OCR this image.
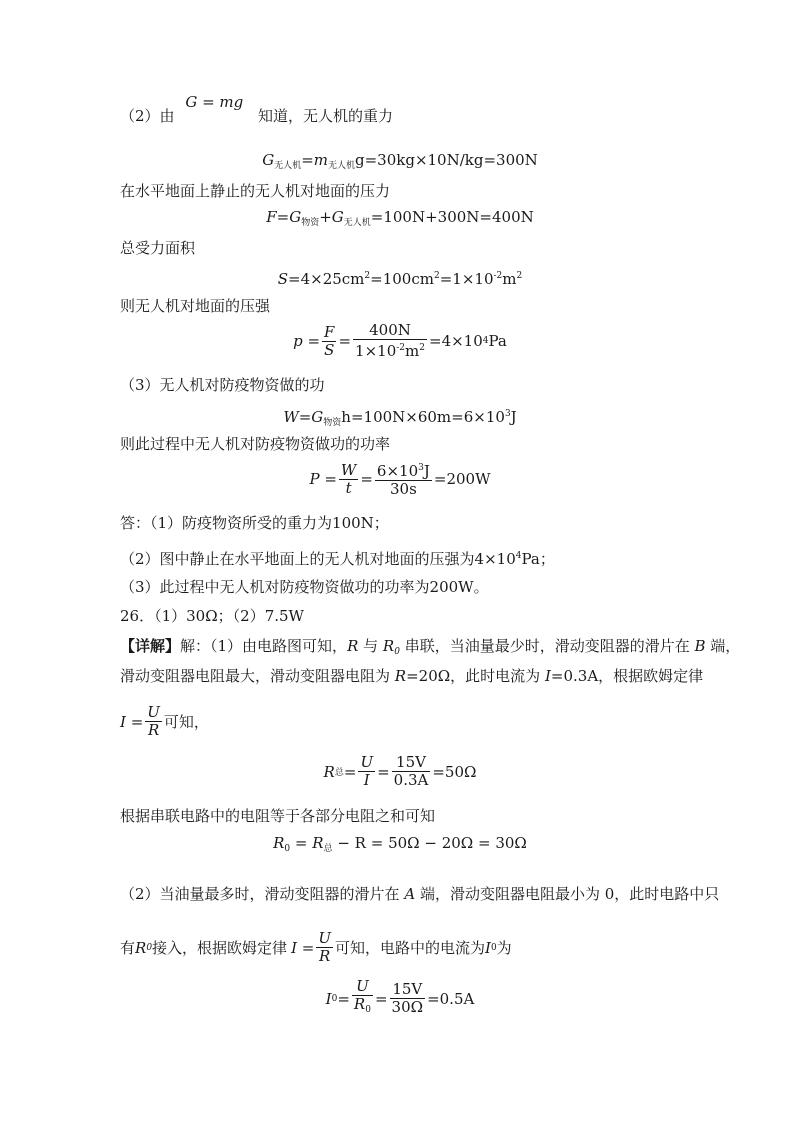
（2）由 G = mg 知道，无人机的重力
$G_{无人机}=m_{无人机}g=30kg\times 10N/kg=300N$
在水平地面上静止的无人机对地面的压力
$F=G_{物资}+G_{无人机}=100N+300N=400N$
总受力面积
$S=4\times 25cm^2=100cm^2=1\times 10^{-2}m^2$
则无人机对地面的压强
$p = \frac{F}{S} = \frac{400N}{1\times 10^{-2}m^2} =4\times 10$ 4 Pa
（3）无人机对防疫物资做的功
$W=G_{物资}h=100N\times 60m=6\times 10^3J$
则此过程中无人机对防疫物资做功的功率
$P = \frac{W}{t} = \frac{6\times 10^3J}{30s} =200W$
答：（1）防疫物资所受的重力为100N；
（2）图中静止在水平地面上的无人机对地面的压强为$4\times 10^4Pa$；
（3）此过程中无人机对防疫物资做功的功率为200W。
26．（1）30Ω；（2）7.5W
【详解】解：（1）由电路图可知，R 与 $R_0$ 串联，当油量最少时，滑动变阻器的滑片在 B 端，
滑动变阻器电阻最大，滑动变阻器电阻为 R=20Ω，此时电流为 I=0.3A，根据欧姆定律
$I = \frac{U}{R}$ 可知，
R 总 = $\frac{U}{I} = \frac{15V}{0.3A} =50\Omega$
根据串联电路中的电阻等于各部分电阻之和可知
$R_0 = R_总 - R = 50\Omega - 20\Omega = 30\Omega$
（2）当油量最多时，滑动变阻器的滑片在 A 端，滑动变阻器电阻最小为 0，此时电路中只
有 R 0 接入，根据欧姆定律 $I = \frac{U}{R}$ 可知，电路中的电流为 I 0 为
I $0 = \frac{U}{R_0} = \frac{15V}{30\Omega} =0.5A$
